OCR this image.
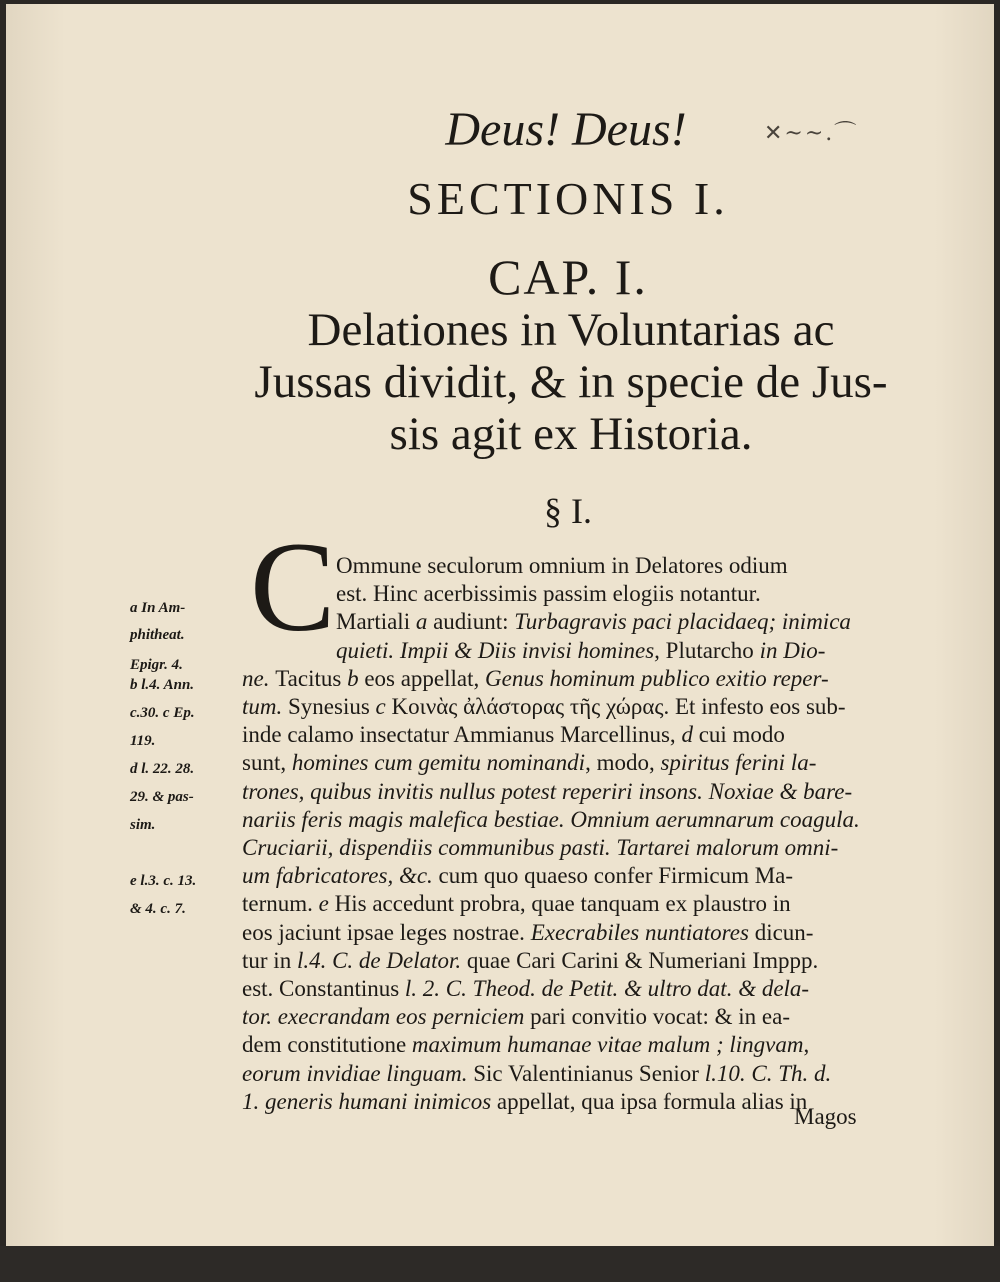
Deus! Deus!	✕~~.⌒
SECTIONIS I.
CAP. I.
Delationes in Voluntarias ac
Jussas dividit, & in specie de Jus-
sis agit ex Historia.
§ I.
C Ommune seculorum omnium in Delatores odium
est. Hinc acerbissimis passim elogiis notantur.
Martiali a audiunt: Turbagravis paci placidaeq; inimica
quieti. Impii & Diis invisi homines, Plutarcho in Dio-
ne. Tacitus b eos appellat, Genus hominum publico exitio reper-
tum. Synesius c Κοινὰς ἀλάστορας τῆς χώρας. Et infesto eos sub-
inde calamo insectatur Ammianus Marcellinus, d cui modo
sunt, homines cum gemitu nominandi, modo, spiritus ferini la-
trones, quibus invitis nullus potest reperiri insons. Noxiae & bare-
nariis feris magis malefica bestiae. Omnium aerumnarum coagula.
Cruciarii, dispendiis communibus pasti. Tartarei malorum omni-
um fabricatores, &c. cum quo quaeso confer Firmicum Ma-
ternum. e His accedunt probra, quae tanquam ex plaustro in
eos jaciunt ipsae leges nostrae. Execrabiles nuntiatores dicun-
tur in l.4. C. de Delator. quae Cari Carini & Numeriani Imppp.
est. Constantinus l. 2. C. Theod. de Petit. & ultro dat. & dela-
tor. execrandam eos perniciem pari convitio vocat: & in ea-
dem constitutione maximum humanae vitae malum ; lingvam,
eorum invidiae linguam. Sic Valentinianus Senior l.10. C. Th. d.
1. generis humani inimicos appellat, qua ipsa formula alias in
a In Am-
phitheat.
Epigr. 4.
b l.4. Ann.
c.30. c Ep.
119.
d l. 22. 28.
29. & pas-
sim.
e l.3. c. 13.
& 4. c. 7.
Magos
